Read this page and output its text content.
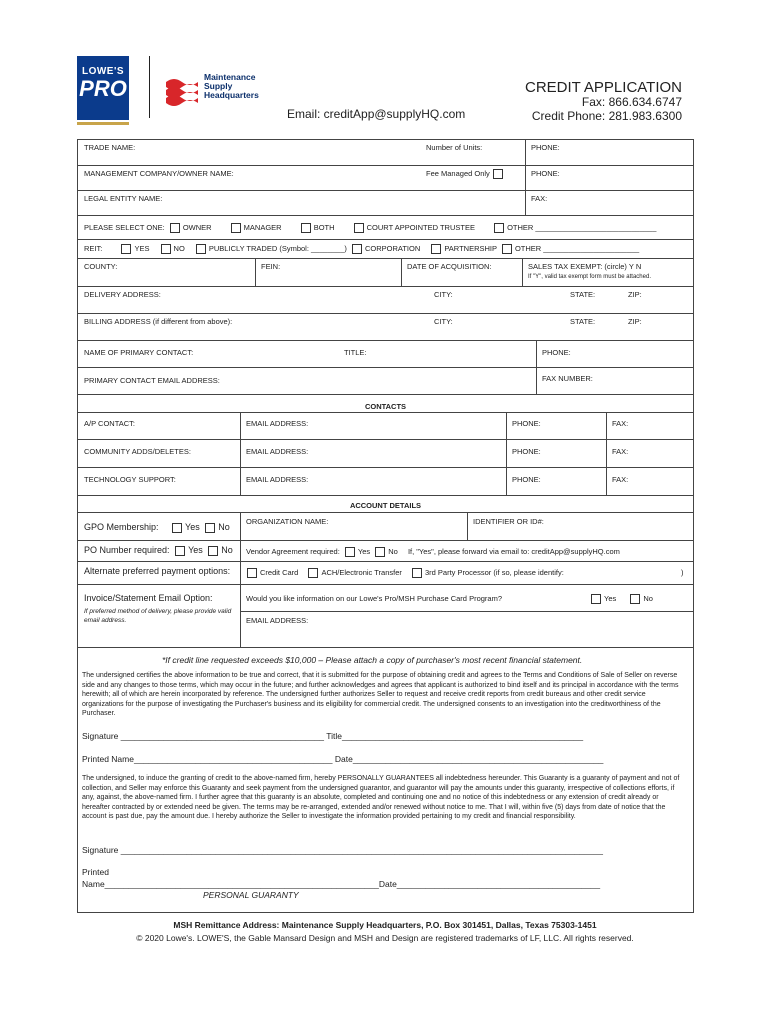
LOWE'S
PRO	Maintenance
Supply
Headquarters
Email: creditApp@supplyHQ.com
CREDIT APPLICATION
Fax: 866.634.6747
Credit Phone: 281.983.6300
TRADE NAME:	Number of Units:	PHONE:
MANAGEMENT COMPANY/OWNER NAME:	Fee Managed Only	PHONE:
LEGAL ENTITY NAME:	FAX:
PLEASE SELECT ONE: OWNER	MANAGER	BOTH	COURT APPOINTED TRUSTEE	OTHER _____________________________
REIT:	YES	NO	PUBLICLY TRADED (Symbol: ________) CORPORATION	PARTNERSHIP OTHER _______________________
COUNTY:	FEIN:	DATE OF ACQUISITION:	SALES TAX EXEMPT: (circle) Y N
If "Y", valid tax exempt form must be attached.
DELIVERY ADDRESS:	CITY:	STATE:	ZIP:
BILLING ADDRESS (if different from above):	CITY:	STATE:	ZIP:
NAME OF PRIMARY CONTACT:	TITLE:	PHONE:
PRIMARY CONTACT EMAIL ADDRESS:	FAX NUMBER:
CONTACTS
A/P CONTACT:	EMAIL ADDRESS:	PHONE:	FAX:
COMMUNITY ADDS/DELETES:	EMAIL ADDRESS:	PHONE:	FAX:
TECHNOLOGY SUPPORT:	EMAIL ADDRESS:	PHONE:	FAX:
ACCOUNT DETAILS
GPO Membership:	Yes No
ORGANIZATION NAME:	IDENTIFIER OR ID#:
PO Number required: Yes No Vendor Agreement required: Yes No If, "Yes", please forward via email to: creditApp@supplyHQ.com
Alternate preferred payment options:	Credit Card	ACH/Electronic Transfer	3rd Party Processor (if so, please identify:	)
Invoice/Statement Email Option:
If preferred method of delivery, please provide valid email address.
Would you like information on our Lowe's Pro/MSH Purchase Card Program?	Yes	No
EMAIL ADDRESS:
*If credit line requested exceeds $10,000 – Please attach a copy of purchaser's most recent financial statement.
The undersigned certifies the above information to be true and correct, that it is submitted for the purpose of obtaining credit and agrees to the Terms and Conditions of Sale of Seller on reverse side and any changes to those terms, which may occur in the future; and further acknowledges and agrees that applicant is authorized to bind itself and its principal in accordance with the terms herewith; all of which are herein incorporated by reference. The undersigned further authorizes Seller to request and receive credit reports from credit bureaus and other credit service organizations for the purpose of investigating the Purchaser's business and its eligibility for commercial credit. The undersigned consents to an investigation into the creditworthiness of the Purchaser.
Signature ___________________________________________ Title___________________________________________________
Printed Name__________________________________________ Date_____________________________________________________
The undersigned, to induce the granting of credit to the above-named firm, hereby PERSONALLY GUARANTEES all indebtedness hereunder. This Guaranty is a guaranty of payment and not of collection, and Seller may enforce this Guaranty and seek payment from the undersigned guarantor, and guarantor will pay the amounts under this guaranty, irrespective of collections efforts, if any, against, the above-named firm. I further agree that this guaranty is an absolute, completed and continuing one and no notice of this indebtedness or any extension of credit already or hereafter contracted by or extended need be given. The terms may be re-arranged, extended and/or renewed without notice to me. That I will, within five (5) days from date of notice that the account is past due, pay the amount due. I hereby authorize the Seller to investigate the information provided pertaining to my credit and financial responsibility.
Signature ______________________________________________________________________________________________________
Printed
Name__________________________________________________________Date___________________________________________
PERSONAL GUARANTY
MSH Remittance Address: Maintenance Supply Headquarters, P.O. Box 301451, Dallas, Texas 75303-1451
© 2020 Lowe's. LOWE'S, the Gable Mansard Design and MSH and Design are registered trademarks of LF, LLC. All rights reserved.
